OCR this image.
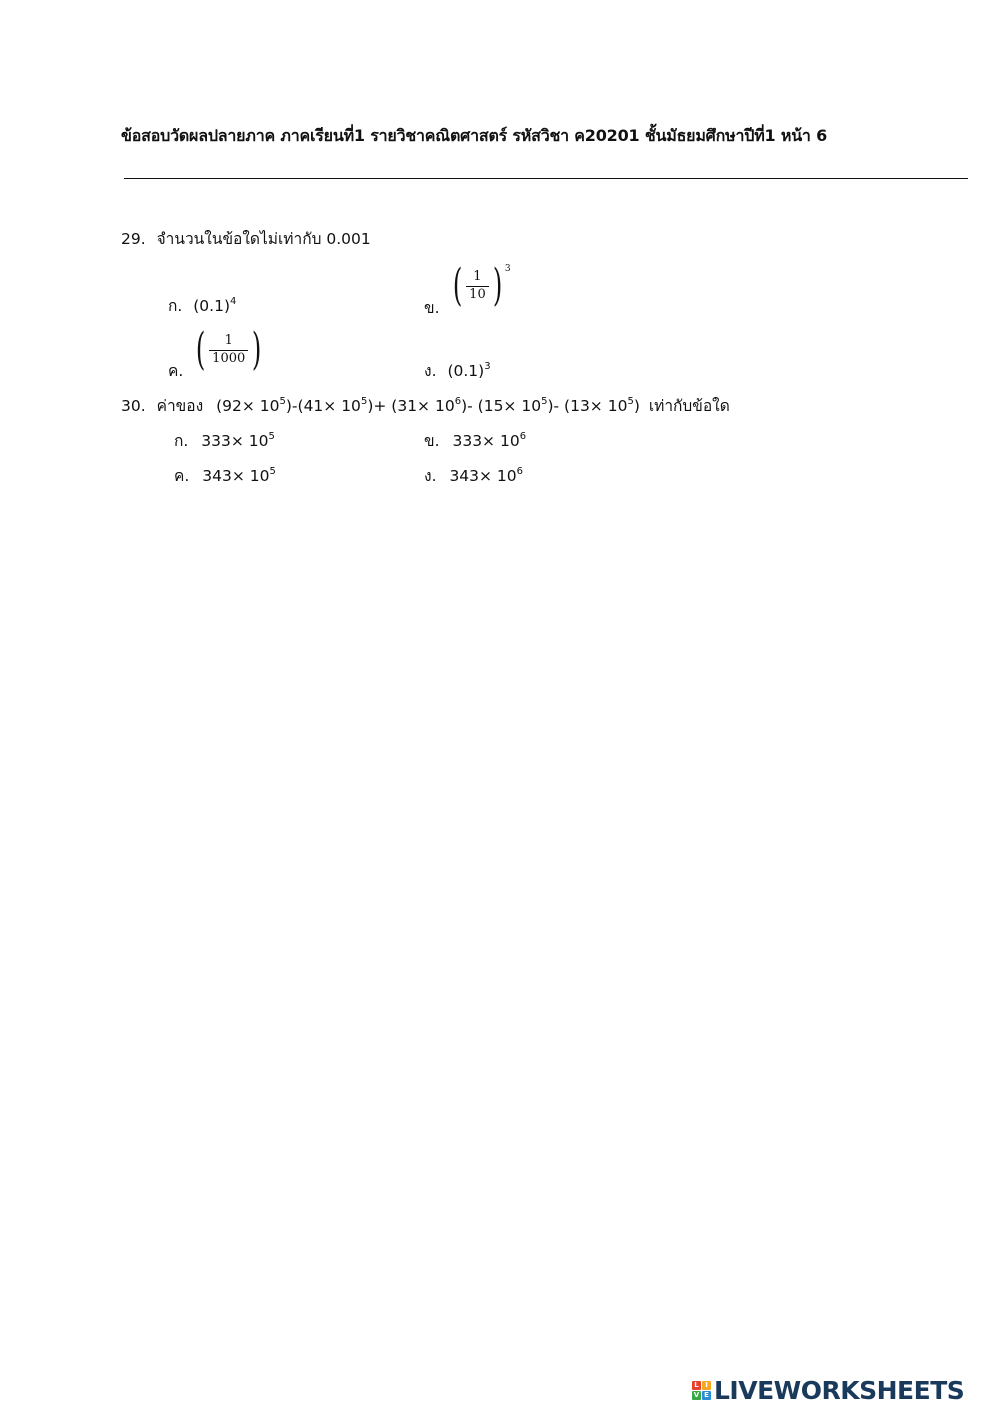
ข้อสอบวัดผลปลายภาค ภาคเรียนที่1 รายวิชาคณิตศาสตร์ รหัสวิชา ค20201 ชั้นมัธยมศึกษาปีที่1 หน้า 6
29. จำนวนในข้อใดไม่เท่ากับ 0.001
ก. $(0.1)^4$	ข. ( $\frac{1}{10}$ ) 3
ค. ( $\frac{1}{1000}$ )	ง. $(0.1)^3$
30. ค่าของ $(92\times 10^5)-(41\times 10^5)+ (31\times 10^6)-$ $(15\times 10^5)-$ $(13\times 10^5)$ เท่ากับข้อใด
ก. $333\times 10^5$	ข. $333\times 10^6$
ค. $343\times 10^5$	ง. $343\times 10^6$
L I
V E LIVEWORKSHEETS
